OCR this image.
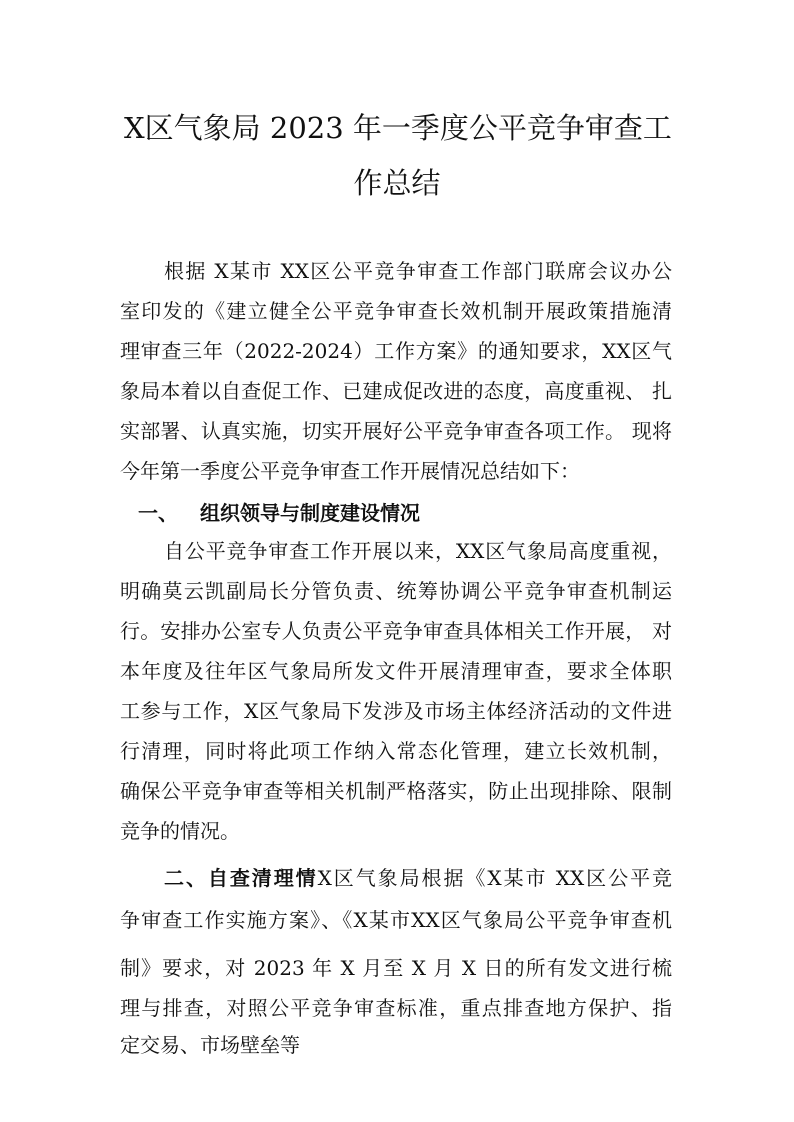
X区气象局 2023 年一季度公平竞争审查工
作总结
根据 X某市 XX区公平竞争审查工作部门联席会议办公
室印发的《建立健全公平竞争审查长效机制开展政策措施清
理审查三年（2022-2024）工作方案》的通知要求，XX区气
象局本着以自查促工作、已建成促改进的态度，高度重视、 扎
实部署、认真实施，切实开展好公平竞争审查各项工作。 现将
今年第一季度公平竞争审查工作开展情况总结如下：
一、 组织领导与制度建设情况
自公平竞争审查工作开展以来，XX区气象局高度重视，
明确莫云凯副局长分管负责、统筹协调公平竞争审查机制运
行。安排办公室专人负责公平竞争审查具体相关工作开展， 对
本年度及往年区气象局所发文件开展清理审查，要求全体职
工参与工作，X区气象局下发涉及市场主体经济活动的文件进
行清理，同时将此项工作纳入常态化管理，建立长效机制，
确保公平竞争审查等相关机制严格落实，防止出现排除、限制
竞争的情况。
二、自查清理情X区气象局根据《X某市 XX区公平竞
争审查工作实施方案》、《X某市XX区气象局公平竞争审查机
制》要求，对 2023 年 X 月至 X 月 X 日的所有发文进行梳
理与排查，对照公平竞争审查标准，重点排查地方保护、指
定交易、市场壁垒等
